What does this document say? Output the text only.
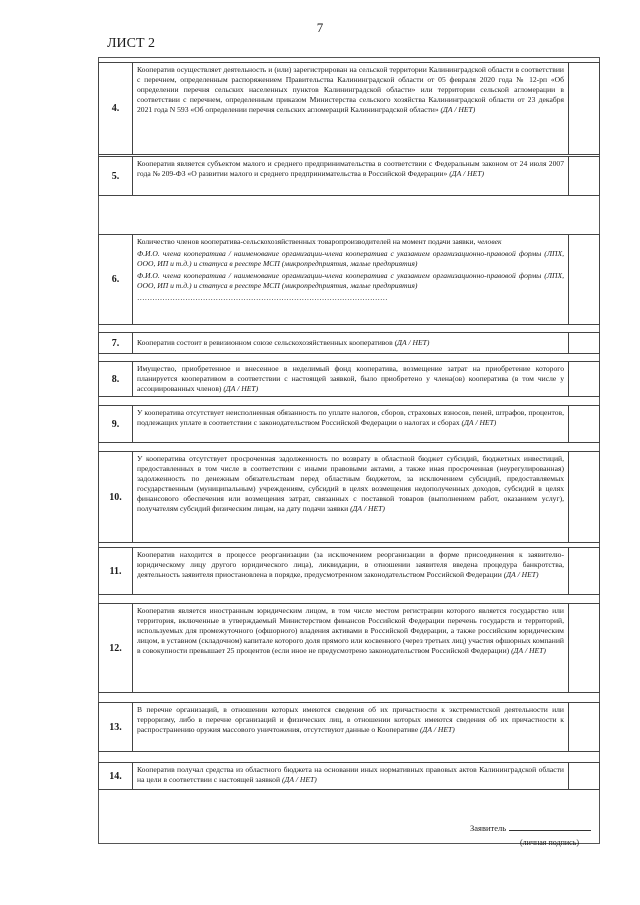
7
ЛИСТ 2
4.
Кооператив осуществляет деятельность и (или) зарегистрирован на сельской территории Калининградской области в соответствии с перечнем, определенным распоряжением Правительства Калининградской области от 05 февраля 2020 года № 12-рп «Об определении перечня сельских населенных пунктов Калининградской области» или территории сельской агломерации в соответствии с перечнем, определенным приказом Министерства сельского хозяйства Калининградской области от 23 декабря 2021 года N 593 «Об определении перечня сельских агломераций Калининградской области» (ДА / НЕТ)
5.
Кооператив является субъектом малого и среднего предпринимательства в соответствии с Федеральным законом от 24 июля 2007 года № 209-ФЗ «О развитии малого и среднего предпринимательства в Российской Федерации» (ДА / НЕТ)
6.

Количество членов кооператива-сельскохозяйственных товаропроизводителей на момент подачи заявки, человек

Ф.И.О. члена кооператива / наименование организации-члена кооператива с указанием организационно-правовой формы (ЛПХ, ООО, ИП и т.д.) и статуса в реестре МСП (микропредприятия, малые предприятия)

Ф.И.О. члена кооператива / наименование организации-члена кооператива с указанием организационно-правовой формы (ЛПХ, ООО, ИП и т.д.) и статуса в реестре МСП (микропредприятия, малые предприятия)

………………………………………………………………………………………

7.	Кооператив состоит в ревизионном союзе сельскохозяйственных кооперативов (ДА / НЕТ)
8.
Имущество, приобретенное и внесенное в неделимый фонд кооператива, возмещение затрат на приобретение которого планируется кооперативом в соответствии с настоящей заявкой, было приобретено у члена(ов) кооператива (в том числе у ассоциированных членов) (ДА / НЕТ)
9.
У кооператива отсутствует неисполненная обязанность по уплате налогов, сборов, страховых взносов, пеней, штрафов, процентов, подлежащих уплате в соответствии с законодательством Российской Федерации о налогах и сборах (ДА / НЕТ)
10.
У кооператива отсутствует просроченная задолженность по возврату в областной бюджет субсидий, бюджетных инвестиций, предоставленных в том числе в соответствии с иными правовыми актами, а также иная просроченная (неурегулированная) задолженность по денежным обязательствам перед областным бюджетом, за исключением субсидий, предоставляемых государственным (муниципальным) учреждениям, субсидий в целях возмещения недополученных доходов, субсидий в целях финансового обеспечения или возмещения затрат, связанных с поставкой товаров (выполнением работ, оказанием услуг), получателям субсидий физическим лицам, на дату подачи заявки (ДА / НЕТ)
11.
Кооператив находится в процессе реорганизации (за исключением реорганизации в форме присоединения к заявителю-юридическому лицу другого юридического лица), ликвидации, в отношении заявителя введена процедура банкротства, деятельность заявителя приостановлена в порядке, предусмотренном законодательством Российской Федерации (ДА / НЕТ)
12.
Кооператив является иностранным юридическим лицом, в том числе местом регистрации которого является государство или территория, включенные в утверждаемый Министерством финансов Российской Федерации перечень государств и территорий, используемых для промежуточного (офшорного) владения активами в Российской Федерации, а также российским юридическим лицом, в уставном (складочном) капитале которого доля прямого или косвенного (через третьих лиц) участия офшорных компаний в совокупности превышает 25 процентов (если иное не предусмотрено законодательством Российской Федерации) (ДА / НЕТ)
13.
В перечне организаций, в отношении которых имеются сведения об их причастности к экстремистской деятельности или терроризму, либо в перечне организаций и физических лиц, в отношении которых имеются сведения об их причастности к распространению оружия массового уничтожения, отсутствуют данные о Кооперативе (ДА / НЕТ)
14.
Кооператив получал средства из областного бюджета на основании иных нормативных правовых актов Калининградской области на цели в соответствии с настоящей заявкой (ДА / НЕТ)
Заявитель
(личная подпись)
